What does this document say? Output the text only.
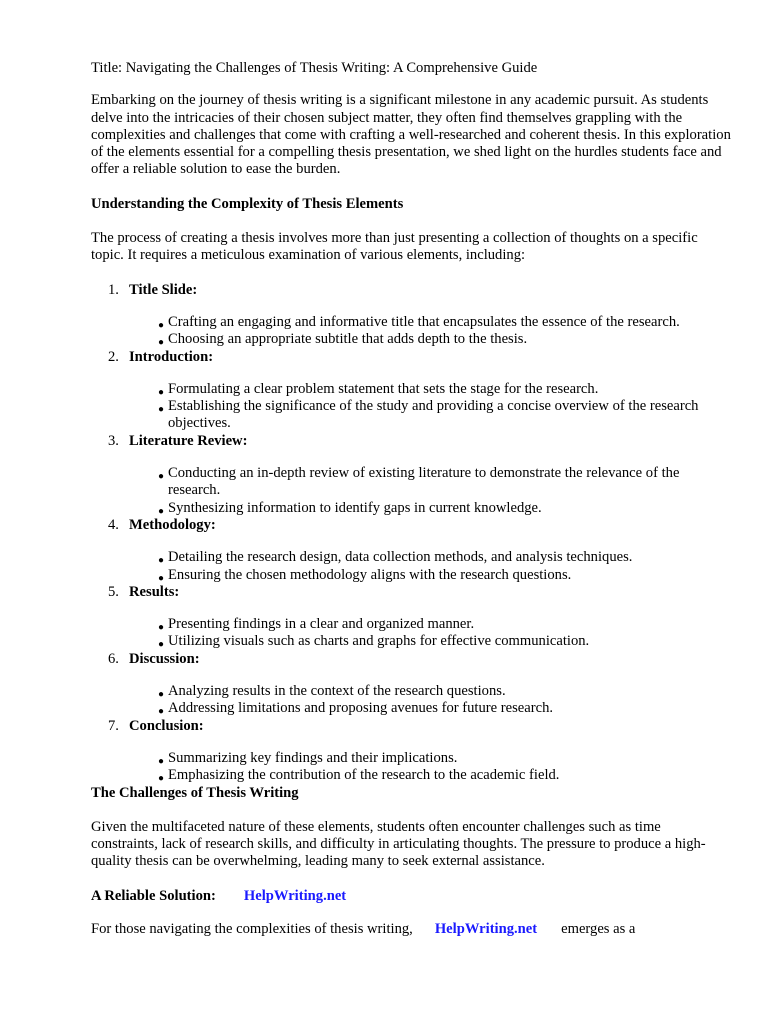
Title: Navigating the Challenges of Thesis Writing: A Comprehensive Guide

Embarking on the journey of thesis writing is a significant milestone in any academic pursuit. As students delve into the intricacies of their chosen subject matter, they often find themselves grappling with the complexities and challenges that come with crafting a well-researched and coherent thesis. In this exploration of the elements essential for a compelling thesis presentation, we shed light on the hurdles students face and offer a reliable solution to ease the burden.

Understanding the Complexity of Thesis Elements

The process of creating a thesis involves more than just presenting a collection of thoughts on a specific topic. It requires a meticulous examination of various elements, including:

1. Title Slide:
● Crafting an engaging and informative title that encapsulates the essence of the research.
● Choosing an appropriate subtitle that adds depth to the thesis.
2. Introduction:
● Formulating a clear problem statement that sets the stage for the research.
● Establishing the significance of the study and providing a concise overview of the research objectives.
3. Literature Review:
● Conducting an in-depth review of existing literature to demonstrate the relevance of the research.
● Synthesizing information to identify gaps in current knowledge.
4. Methodology:
● Detailing the research design, data collection methods, and analysis techniques.
● Ensuring the chosen methodology aligns with the research questions.
5. Results:
● Presenting findings in a clear and organized manner.
● Utilizing visuals such as charts and graphs for effective communication.
6. Discussion:
● Analyzing results in the context of the research questions.
● Addressing limitations and proposing avenues for future research.
7. Conclusion:
● Summarizing key findings and their implications.
● Emphasizing the contribution of the research to the academic field.
The Challenges of Thesis Writing

Given the multifaceted nature of these elements, students often encounter challenges such as time constraints, lack of research skills, and difficulty in articulating thoughts. The pressure to produce a high-quality thesis can be overwhelming, leading many to seek external assistance.

A Reliable Solution: HelpWriting.net

For those navigating the complexities of thesis writing, HelpWriting.net emerges as a
